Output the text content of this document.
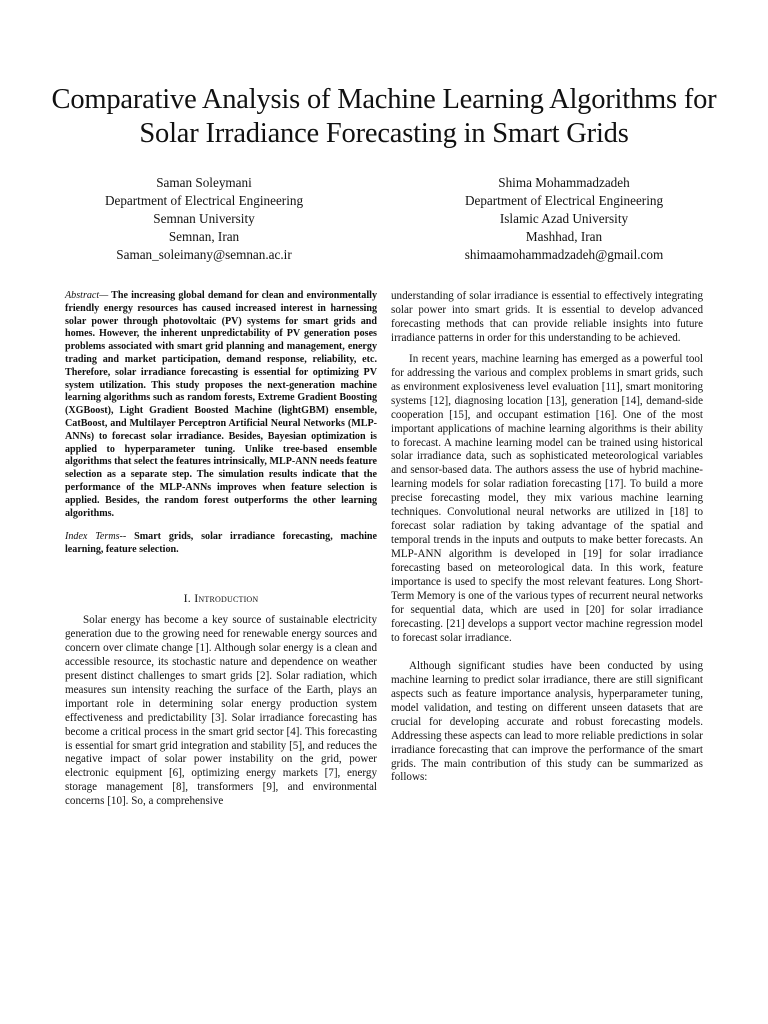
Comparative Analysis of Machine Learning Algorithms for Solar Irradiance Forecasting in Smart Grids
Saman Soleymani
Department of Electrical Engineering
Semnan University
Semnan, Iran
Saman_soleimany@semnan.ac.ir
Shima Mohammadzadeh
Department of Electrical Engineering
Islamic Azad University
Mashhad, Iran
shimaamohammadzadeh@gmail.com

Abstract— The increasing global demand for clean and environmentally friendly energy resources has caused increased interest in harnessing solar power through photovoltaic (PV) systems for smart grids and homes. However, the inherent unpredictability of PV generation poses problems associated with smart grid planning and management, energy trading and market participation, demand response, reliability, etc. Therefore, solar irradiance forecasting is essential for optimizing PV system utilization. This study proposes the next-generation machine learning algorithms such as random forests, Extreme Gradient Boosting (XGBoost), Light Gradient Boosted Machine (lightGBM) ensemble, CatBoost, and Multilayer Perceptron Artificial Neural Networks (MLP-ANNs) to forecast solar irradiance. Besides, Bayesian optimization is applied to hyperparameter tuning. Unlike tree-based ensemble algorithms that select the features intrinsically, MLP-ANN needs feature selection as a separate step. The simulation results indicate that the performance of the MLP-ANNs improves when feature selection is applied. Besides, the random forest outperforms the other learning algorithms.

Index Terms-- Smart grids, solar irradiance forecasting, machine learning, feature selection.

I. Introduction

Solar energy has become a key source of sustainable electricity generation due to the growing need for renewable energy sources and concern over climate change [1]. Although solar energy is a clean and accessible resource, its stochastic nature and dependence on weather present distinct challenges to smart grids [2]. Solar radiation, which measures sun intensity reaching the surface of the Earth, plays an important role in determining solar energy production system effectiveness and predictability [3]. Solar irradiance forecasting has become a critical process in the smart grid sector [4]. This forecasting is essential for smart grid integration and stability [5], and reduces the negative impact of solar power instability on the grid, power electronic equipment [6], optimizing energy markets [7], energy storage management [8], transformers [9], and environmental concerns [10]. So, a comprehensive

understanding of solar irradiance is essential to effectively integrating solar power into smart grids. It is essential to develop advanced forecasting methods that can provide reliable insights into future irradiance patterns in order for this understanding to be achieved.

In recent years, machine learning has emerged as a powerful tool for addressing the various and complex problems in smart grids, such as environment explosiveness level evaluation [11], smart monitoring systems [12], diagnosing location [13], generation [14], demand-side cooperation [15], and occupant estimation [16]. One of the most important applications of machine learning algorithms is their ability to forecast. A machine learning model can be trained using historical solar irradiance data, such as sophisticated meteorological variables and sensor-based data. The authors assess the use of hybrid machine-learning models for solar radiation forecasting [17]. To build a more precise forecasting model, they mix various machine learning techniques. Convolutional neural networks are utilized in [18] to forecast solar radiation by taking advantage of the spatial and temporal trends in the inputs and outputs to make better forecasts. An MLP-ANN algorithm is developed in [19] for solar irradiance forecasting based on meteorological data. In this work, feature importance is used to specify the most relevant features. Long Short-Term Memory is one of the various types of recurrent neural networks for sequential data, which are used in [20] for solar irradiance forecasting. [21] develops a support vector machine regression model to forecast solar irradiance.

Although significant studies have been conducted by using machine learning to predict solar irradiance, there are still significant aspects such as feature importance analysis, hyperparameter tuning, model validation, and testing on different unseen datasets that are crucial for developing accurate and robust forecasting models. Addressing these aspects can lead to more reliable predictions in solar irradiance forecasting that can improve the performance of the smart grids. The main contribution of this study can be summarized as follows:
